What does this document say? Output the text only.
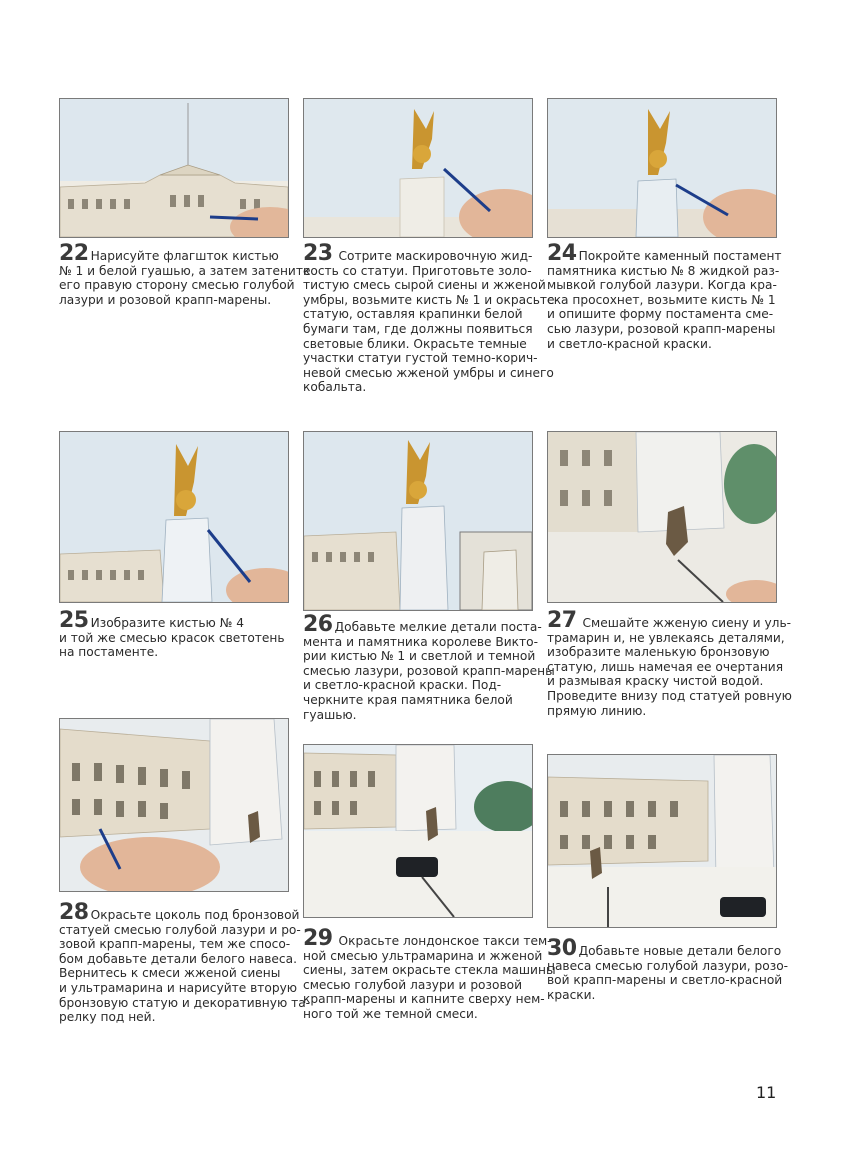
22 Нарисуйте флагшток кистью
№ 1 и белой гуашью, а затем затените
его правую сторону смесью голубой
лазури и розовой крапп-марены.
23 Сотрите маскировочную жид-
кость со статуи. Приготовьте золо-
тистую смесь сырой сиены и жженой
умбры, возьмите кисть № 1 и окрасьте
статую, оставляя крапинки белой
бумаги там, где должны появиться
световые блики. Окрасьте темные
участки статуи густой темно-корич-
невой смесью жженой умбры и синего
кобальта.
24 Покройте каменный постамент
памятника кистью № 8 жидкой раз-
мывкой голубой лазури. Когда кра-
ска просохнет, возьмите кисть № 1
и опишите форму постамента сме-
сью лазури, розовой крапп-марены
и светло-красной краски.
25 Изобразите кистью № 4
и той же смесью красок светотень
на постаменте.
26 Добавьте мелкие детали поста-
мента и памятника королеве Викто-
рии кистью № 1 и светлой и темной
смесью лазури, розовой крапп-марены
и светло-красной краски. Под-
черкните края памятника белой
гуашью.
27 Смешайте жженую сиену и уль-
трамарин и, не увлекаясь деталями,
изобразите маленькую бронзовую
статую, лишь намечая ее очертания
и размывая краску чистой водой.
Проведите внизу под статуей ровную
прямую линию.
28 Окрасьте цоколь под бронзовой
статуей смесью голубой лазури и ро-
зовой крапп-марены, тем же спосо-
бом добавьте детали белого навеса.
Вернитесь к смеси жженой сиены
и ультрамарина и нарисуйте вторую
бронзовую статую и декоративную та-
релку под ней.
29 Окрасьте лондонское такси тем-
ной смесью ультрамарина и жженой
сиены, затем окрасьте стекла машины
смесью голубой лазури и розовой
крапп-марены и капните сверху нем-
ного той же темной смеси.
30 Добавьте новые детали белого
навеса смесью голубой лазури, розо-
вой крапп-марены и светло-красной
краски.
11
